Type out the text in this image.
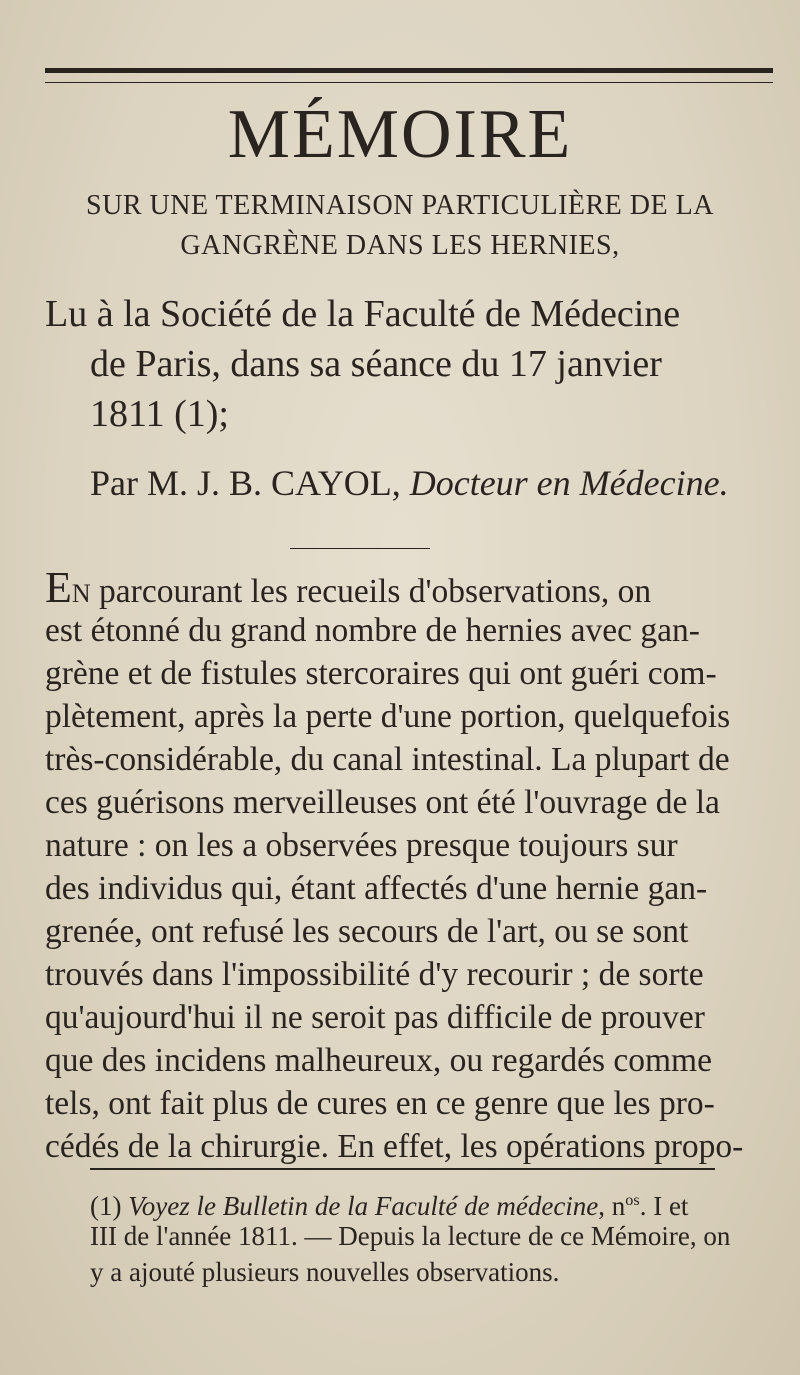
MÉMOIRE
SUR UNE TERMINAISON PARTICULIÈRE DE LA
GANGRÈNE DANS LES HERNIES,
Lu à la Société de la Faculté de Médecine
de Paris, dans sa séance du 17 janvier
1811 (1);
Par M. J. B. CAYOL, Docteur en Médecine.
EN parcourant les recueils d'observations, on
est étonné du grand nombre de hernies avec gan-
grène et de fistules stercoraires qui ont guéri com-
plètement, après la perte d'une portion, quelquefois
très-considérable, du canal intestinal. La plupart de
ces guérisons merveilleuses ont été l'ouvrage de la
nature : on les a observées presque toujours sur
des individus qui, étant affectés d'une hernie gan-
grenée, ont refusé les secours de l'art, ou se sont
trouvés dans l'impossibilité d'y recourir ; de sorte
qu'aujourd'hui il ne seroit pas difficile de prouver
que des incidens malheureux, ou regardés comme
(1) Voyez le Bulletin de la Faculté de médecine, $n^{os}$. I et
III de l'année 1811. — Depuis la lecture de ce Mémoire, on
y a ajouté plusieurs nouvelles observations.
tels, ont fait plus de cures en ce genre que les pro-
cédés de la chirurgie. En effet, les opérations propo-
